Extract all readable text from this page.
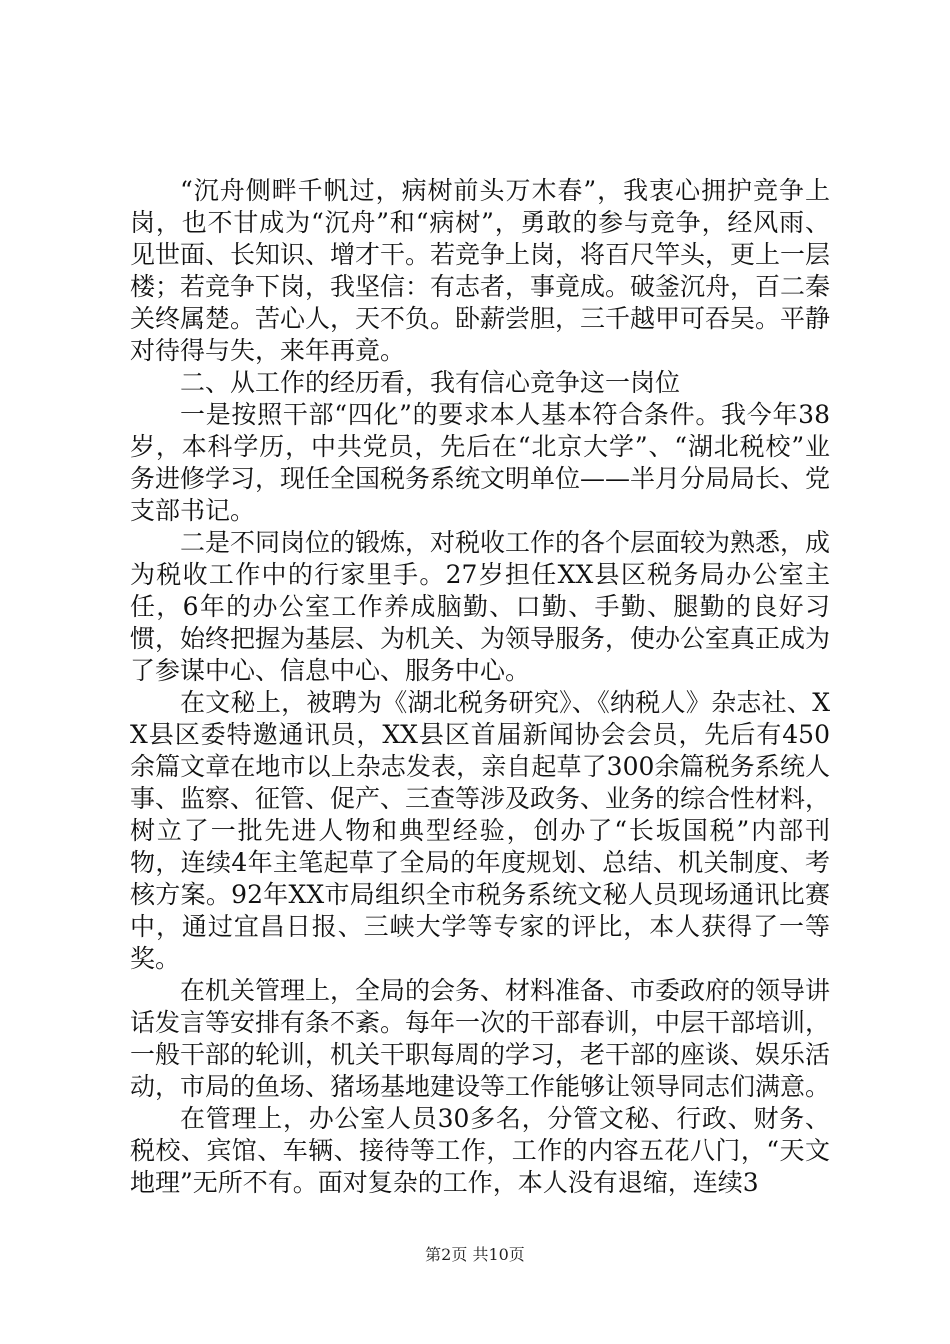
“沉舟侧畔千帆过，病树前头万木春”，我衷心拥护竞争上岗，也不甘成为“沉舟”和“病树”，勇敢的参与竞争，经风雨、见世面、长知识、增才干。若竞争上岗，将百尺竿头，更上一层楼；若竞争下岗，我坚信：有志者，事竟成。破釜沉舟，百二秦关终属楚。苦心人，天不负。卧薪尝胆，三千越甲可吞吴。平静对待得与失，来年再竟。

二、从工作的经历看，我有信心竞争这一岗位

一是按照干部“四化”的要求本人基本符合条件。我今年38岁，本科学历，中共党员，先后在“北京大学”、“湖北税校”业务进修学习，现任全国税务系统文明单位——半月分局局长、党支部书记。

二是不同岗位的锻炼，对税收工作的各个层面较为熟悉，成为税收工作中的行家里手。27岁担任XX县区税务局办公室主任，6年的办公室工作养成脑勤、口勤、手勤、腿勤的良好习惯，始终把握为基层、为机关、为领导服务，使办公室真正成为了参谋中心、信息中心、服务中心。

在文秘上，被聘为《湖北税务研究》、《纳税人》杂志社、XX县区委特邀通讯员，XX县区首届新闻协会会员，先后有450余篇文章在地市以上杂志发表，亲自起草了300余篇税务系统人事、监察、征管、促产、三查等涉及政务、业务的综合性材料，树立了一批先进人物和典型经验，创办了“长坂国税”内部刊物，连续4年主笔起草了全局的年度规划、总结、机关制度、考核方案。92年XX市局组织全市税务系统文秘人员现场通讯比赛中，通过宜昌日报、三峡大学等专家的评比，本人获得了一等奖。

在机关管理上，全局的会务、材料准备、市委政府的领导讲话发言等安排有条不紊。每年一次的干部春训，中层干部培训，一般干部的轮训，机关干职每周的学习，老干部的座谈、娱乐活动，市局的鱼场、猪场基地建设等工作能够让领导同志们满意。

在管理上，办公室人员30多名，分管文秘、行政、财务、税校、宾馆、车辆、接待等工作，工作的内容五花八门，“天文地理”无所不有。面对复杂的工作，本人没有退缩，连续3

第2页 共10页
